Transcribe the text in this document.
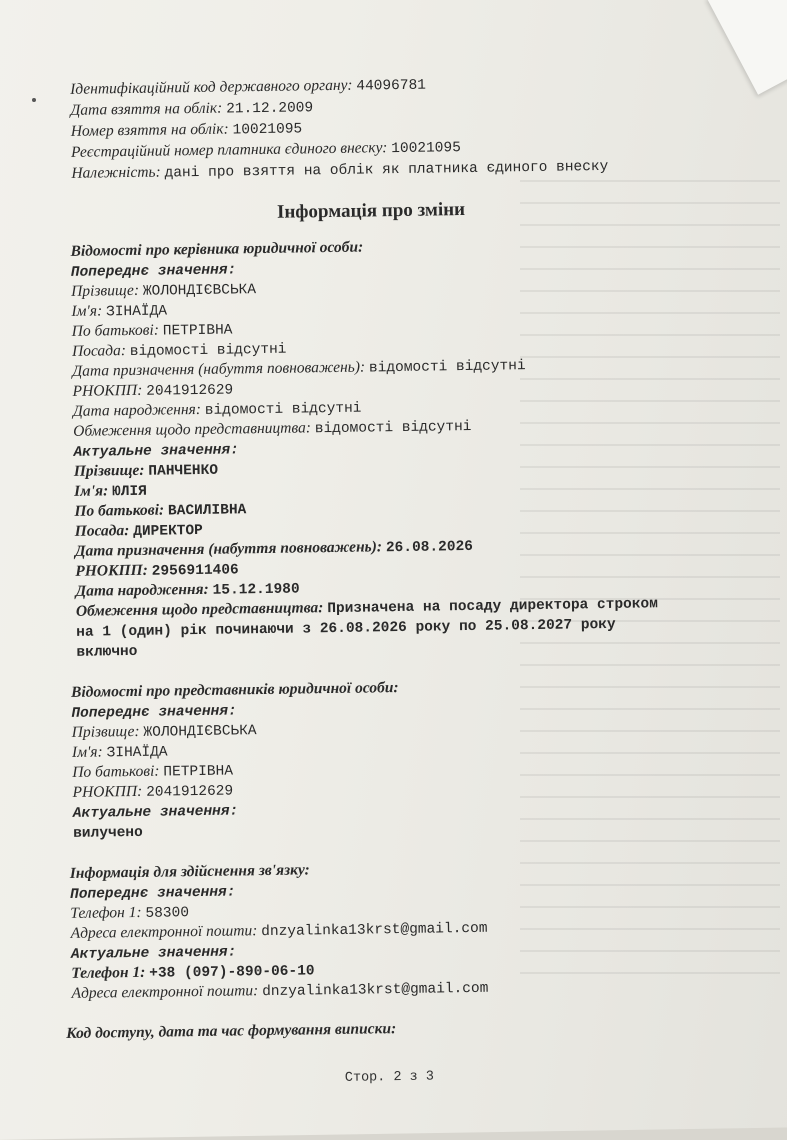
Ідентифікаційний код державного органу: 44096781
Дата взяття на облік: 21.12.2009
Номер взяття на облік: 10021095
Реєстраційний номер платника єдиного внеску: 10021095
Належність: дані про взяття на облік як платника єдиного внеску
Інформація про зміни
Відомості про керівника юридичної особи:
Попереднє значення:
Прізвище: ЖОЛОНДІЄВСЬКА
Ім'я: ЗІНАЇДА
По батькові: ПЕТРІВНА
Посада: відомості відсутні
Дата призначення (набуття повноважень): відомості відсутні
РНОКПП: 2041912629
Дата народження: відомості відсутні
Обмеження щодо представництва: відомості відсутні
Актуальне значення:
Прізвище: ПАНЧЕНКО
Ім'я: ЮЛІЯ
По батькові: ВАСИЛІВНА
Посада: ДИРЕКТОР
Дата призначення (набуття повноважень): 26.08.2026
РНОКПП: 2956911406
Дата народження: 15.12.1980
Обмеження щодо представництва: Призначена на посаду директора строком
на 1 (один) рік починаючи з 26.08.2026 року по 25.08.2027 року
включно
Відомості про представників юридичної особи:
Попереднє значення:
Прізвище: ЖОЛОНДІЄВСЬКА
Ім'я: ЗІНАЇДА
По батькові: ПЕТРІВНА
РНОКПП: 2041912629
Актуальне значення:
вилучено
Інформація для здійснення зв'язку:
Попереднє значення:
Телефон 1: 58300
Адреса електронної пошти: dnzyalinka13krst@gmail.com
Актуальне значення:
Телефон 1: +38 (097)-890-06-10
Адреса електронної пошти: dnzyalinka13krst@gmail.com
Код доступу, дата та час формування виписки:
Стор. 2 з 3
